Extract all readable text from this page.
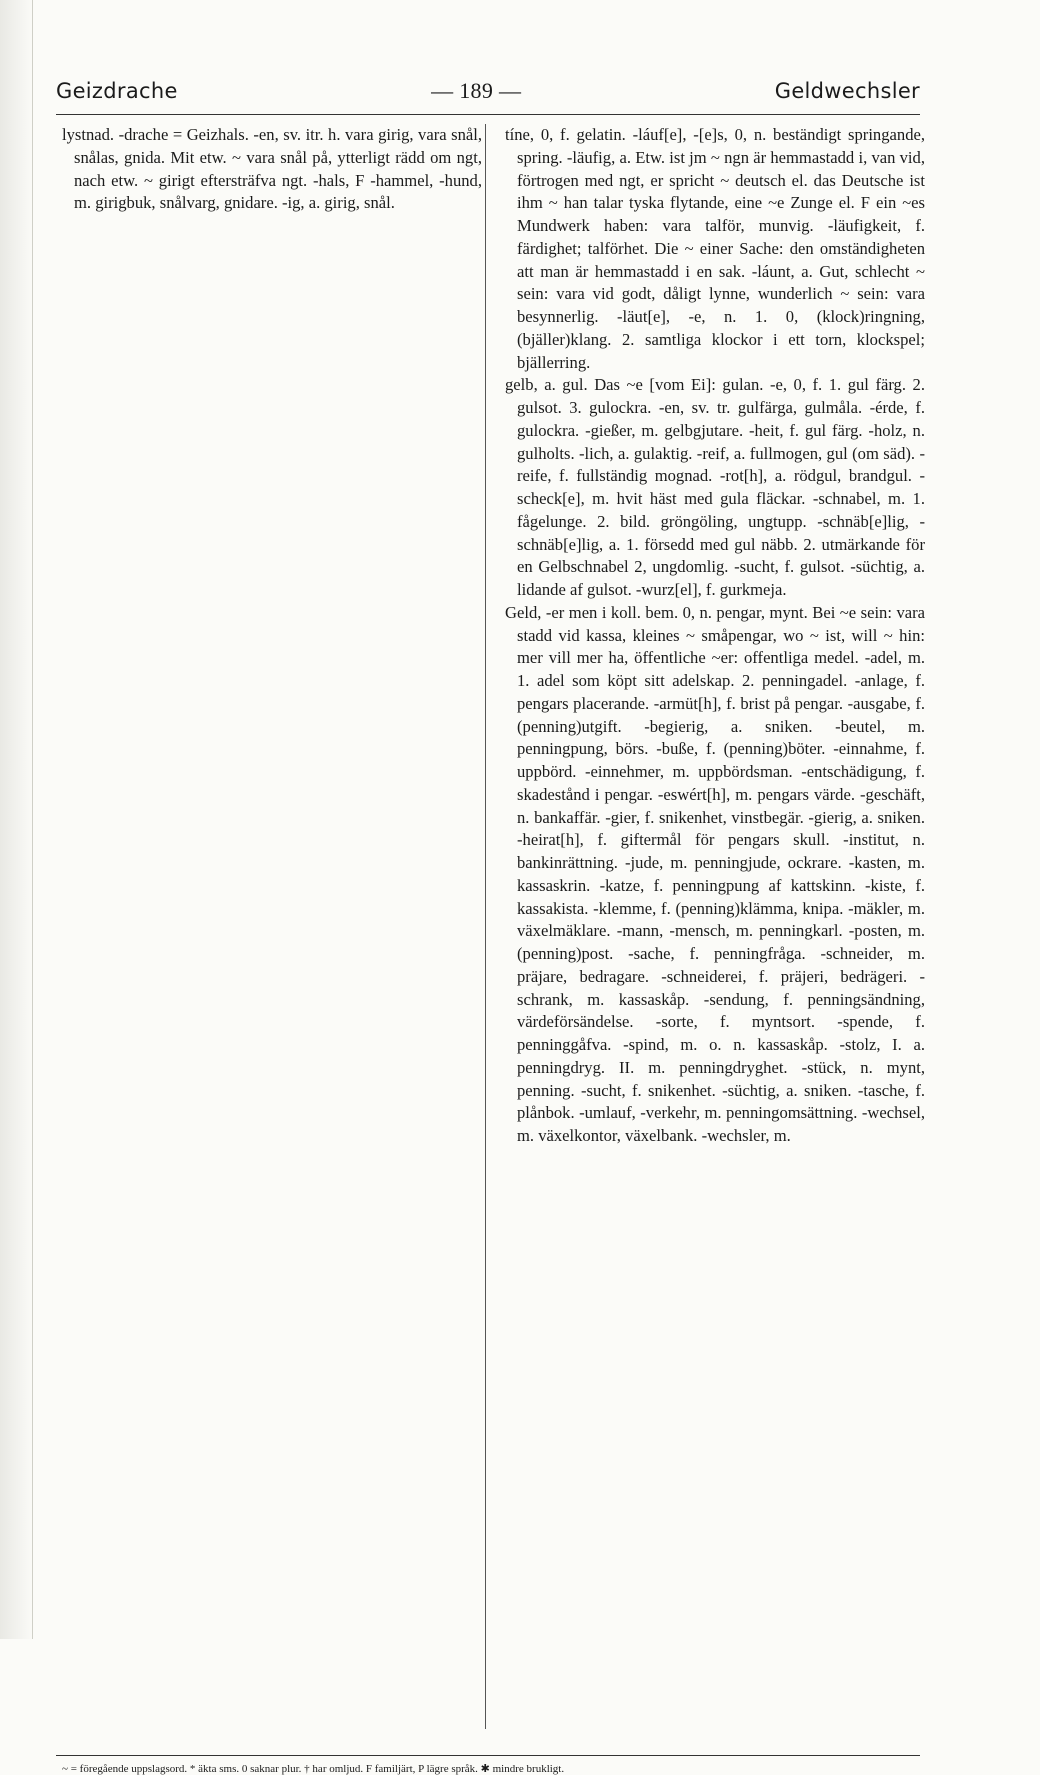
Geizdrache	— 189 —	Geldwechsler

lystnad. -drache = Geizhals. -en, sv. itr. h. vara girig, vara snål, snålas, gnida. Mit etw. ~ vara snål på, ytterligt rädd om ngt, nach etw. ~ girigt eftersträfva ngt. -hals, F -hammel, -hund, m. girigbuk, snålvarg, gnidare. -ig, a. girig, snål.

tíne, 0, f. gelatin. -láuf[e], -[e]s, 0, n. beständigt springande, spring. -läufig, a. Etw. ist jm ~ ngn är hemmastadd i, van vid, förtrogen med ngt, er spricht ~ deutsch el. das Deutsche ist ihm ~ han talar tyska flytande, eine ~e Zunge el. F ein ~es Mundwerk haben: vara talför, munvig. -läufigkeit, f. färdighet; talförhet. Die ~ einer Sache: den omständigheten att man är hemmastadd i en sak. -láunt, a. Gut, schlecht ~ sein: vara vid godt, dåligt lynne, wunderlich ~ sein: vara besynnerlig. -läut[e], -e, n. 1. 0, (klock)ringning, (bjäller)klang. 2. samtliga klockor i ett torn, klockspel; bjällerring.

gelb, a. gul. Das ~e [vom Ei]: gulan. -e, 0, f. 1. gul färg. 2. gulsot. 3. gulockra. -en, sv. tr. gulfärga, gulmåla. -érde, f. gulockra. -gießer, m. gelbgjutare. -heit, f. gul färg. -holz, n. gulholts. -lich, a. gulaktig. -reif, a. fullmogen, gul (om säd). -reife, f. fullständig mognad. -rot[h], a. rödgul, brandgul. -scheck[e], m. hvit häst med gula fläckar. -schnabel, m. 1. fågelunge. 2. bild. gröngöling, ungtupp. -schnäb[e]lig, -schnäb[e]lig, a. 1. försedd med gul näbb. 2. utmärkande för en Gelbschnabel 2, ungdomlig. -sucht, f. gulsot. -süchtig, a. lidande af gulsot. -wurz[el], f. gurkmeja.

Geld, -er men i koll. bem. 0, n. pengar, mynt. Bei ~e sein: vara stadd vid kassa, kleines ~ småpengar, wo ~ ist, will ~ hin: mer vill mer ha, öffentliche ~er: offentliga medel. -adel, m. 1. adel som köpt sitt adelskap. 2. penningadel. -anlage, f. pengars placerande. -armüt[h], f. brist på pengar. -ausgabe, f. (penning)utgift. -begierig, a. sniken. -beutel, m. penningpung, börs. -buße, f. (penning)böter. -einnahme, f. uppbörd. -einnehmer, m. uppbördsman. -entschädigung, f. skadestånd i pengar. -eswért[h], m. pengars värde. -geschäft, n. bankaffär. -gier, f. snikenhet, vinstbegär. -gierig, a. sniken. -heirat[h], f. giftermål för pengars skull. -institut, n. bankinrättning. -jude, m. penningjude, ockrare. -kasten, m. kassaskrin. -katze, f. penningpung af kattskinn. -kiste, f. kassakista. -klemme, f. (penning)klämma, knipa. -mäkler, m. växelmäklare. -mann, -mensch, m. penningkarl. -posten, m. (penning)post. -sache, f. penningfråga. -schneider, m. präjare, bedragare. -schneiderei, f. präjeri, bedrägeri. -schrank, m. kassaskåp. -sendung, f. penningsändning, värdeförsändelse. -sorte, f. myntsort. -spende, f. penninggåfva. -spind, m. o. n. kassaskåp. -stolz, I. a. penningdryg. II. m. penningdryghet. -stück, n. mynt, penning. -sucht, f. snikenhet. -süchtig, a. sniken. -tasche, f. plånbok. -umlauf, -verkehr, m. penningomsättning. -wechsel, m. växelkontor, växelbank. -wechsler, m.

~ = föregående uppslagsord. * äkta sms. 0 saknar plur. † har omljud. F familjärt, P lägre språk. ✱ mindre brukligt.
